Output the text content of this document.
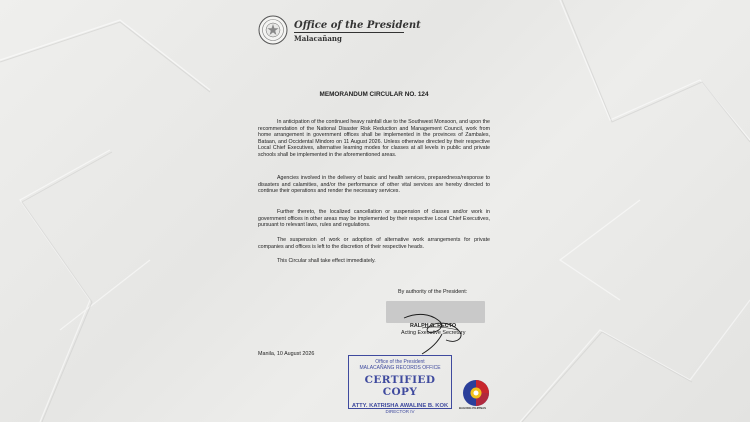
Office of the President
Malacañang
MEMORANDUM CIRCULAR NO. 124

In anticipation of the continued heavy rainfall due to the Southwest Monsoon, and upon the recommendation of the National Disaster Risk Reduction and Management Council, work from home arrangement in government offices shall be implemented in the provinces of Zambales, Bataan, and Occidental Mindoro on 11 August 2026. Unless otherwise directed by their respective Local Chief Executives, alternative learning modes for classes at all levels in public and private schools shall be implemented in the aforementioned areas.

Agencies involved in the delivery of basic and health services, preparedness/response to disasters and calamities, and/or the performance of other vital services are hereby directed to continue their operations and render the necessary services.

Further thereto, the localized cancellation or suspension of classes and/or work in government offices in other areas may be implemented by their respective Local Chief Executives, pursuant to relevant laws, rules and regulations.

The suspension of work or adoption of alternative work arrangements for private companies and offices is left to the discretion of their respective heads.

This Circular shall take effect immediately.

By authority of the President:
RALPH G. RECTO
Acting Executive Secretary
Manila, 10 August 2026
Office of the President
MALACAÑANG RECORDS OFFICE
CERTIFIED COPY
ATTY. KATRISHA AWALINE B. KOK
DIRECTOR IV
BAGONG PILIPINAS
